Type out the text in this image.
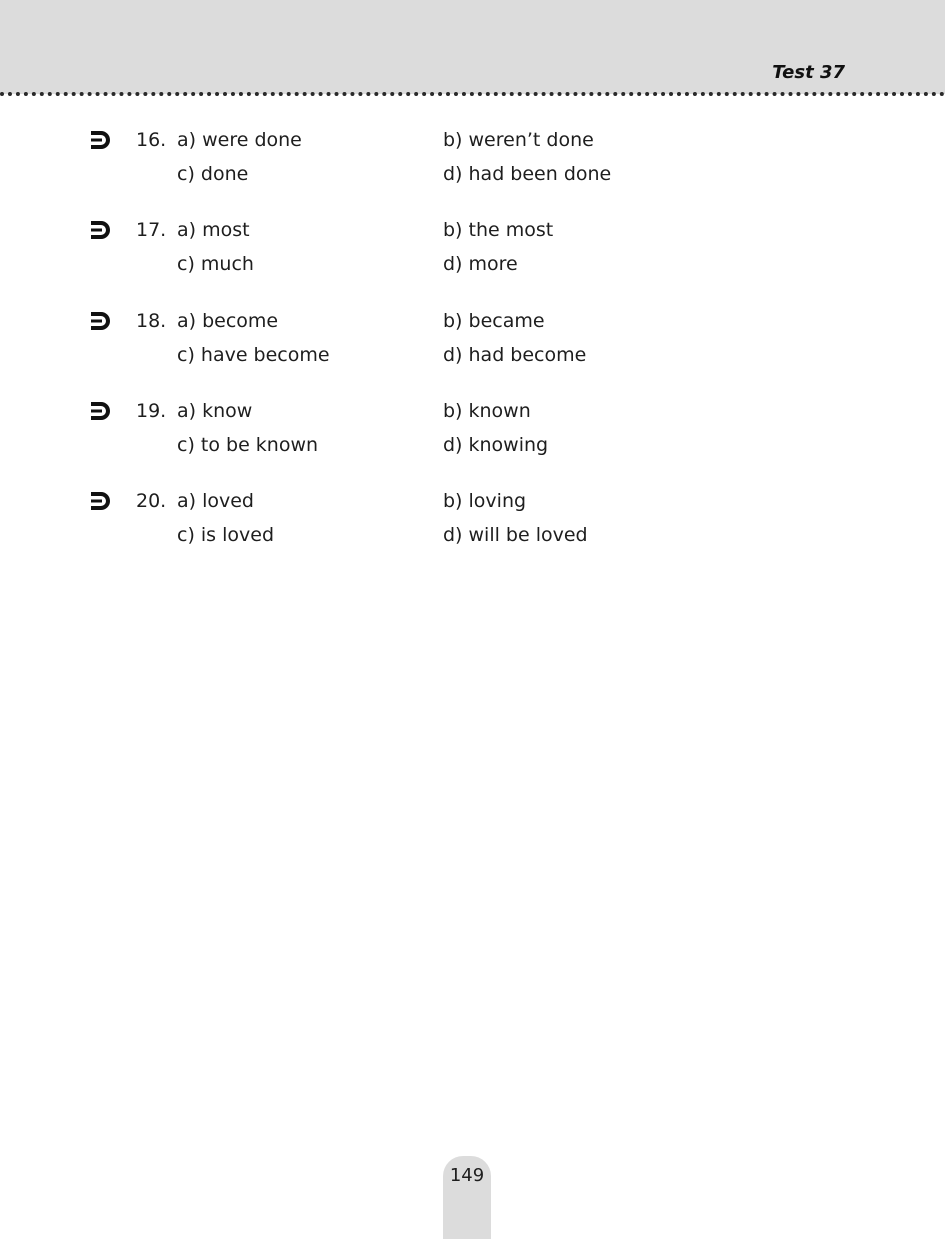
Test 37
16. a) were done	b) weren’t done
c) done	d) had been done
17. a) most	b) the most
c) much	d) more
18. a) become	b) became
c) have become	d) had become
19. a) know	b) known
c) to be known	d) knowing
20. a) loved	b) loving
c) is loved	d) will be loved
149
